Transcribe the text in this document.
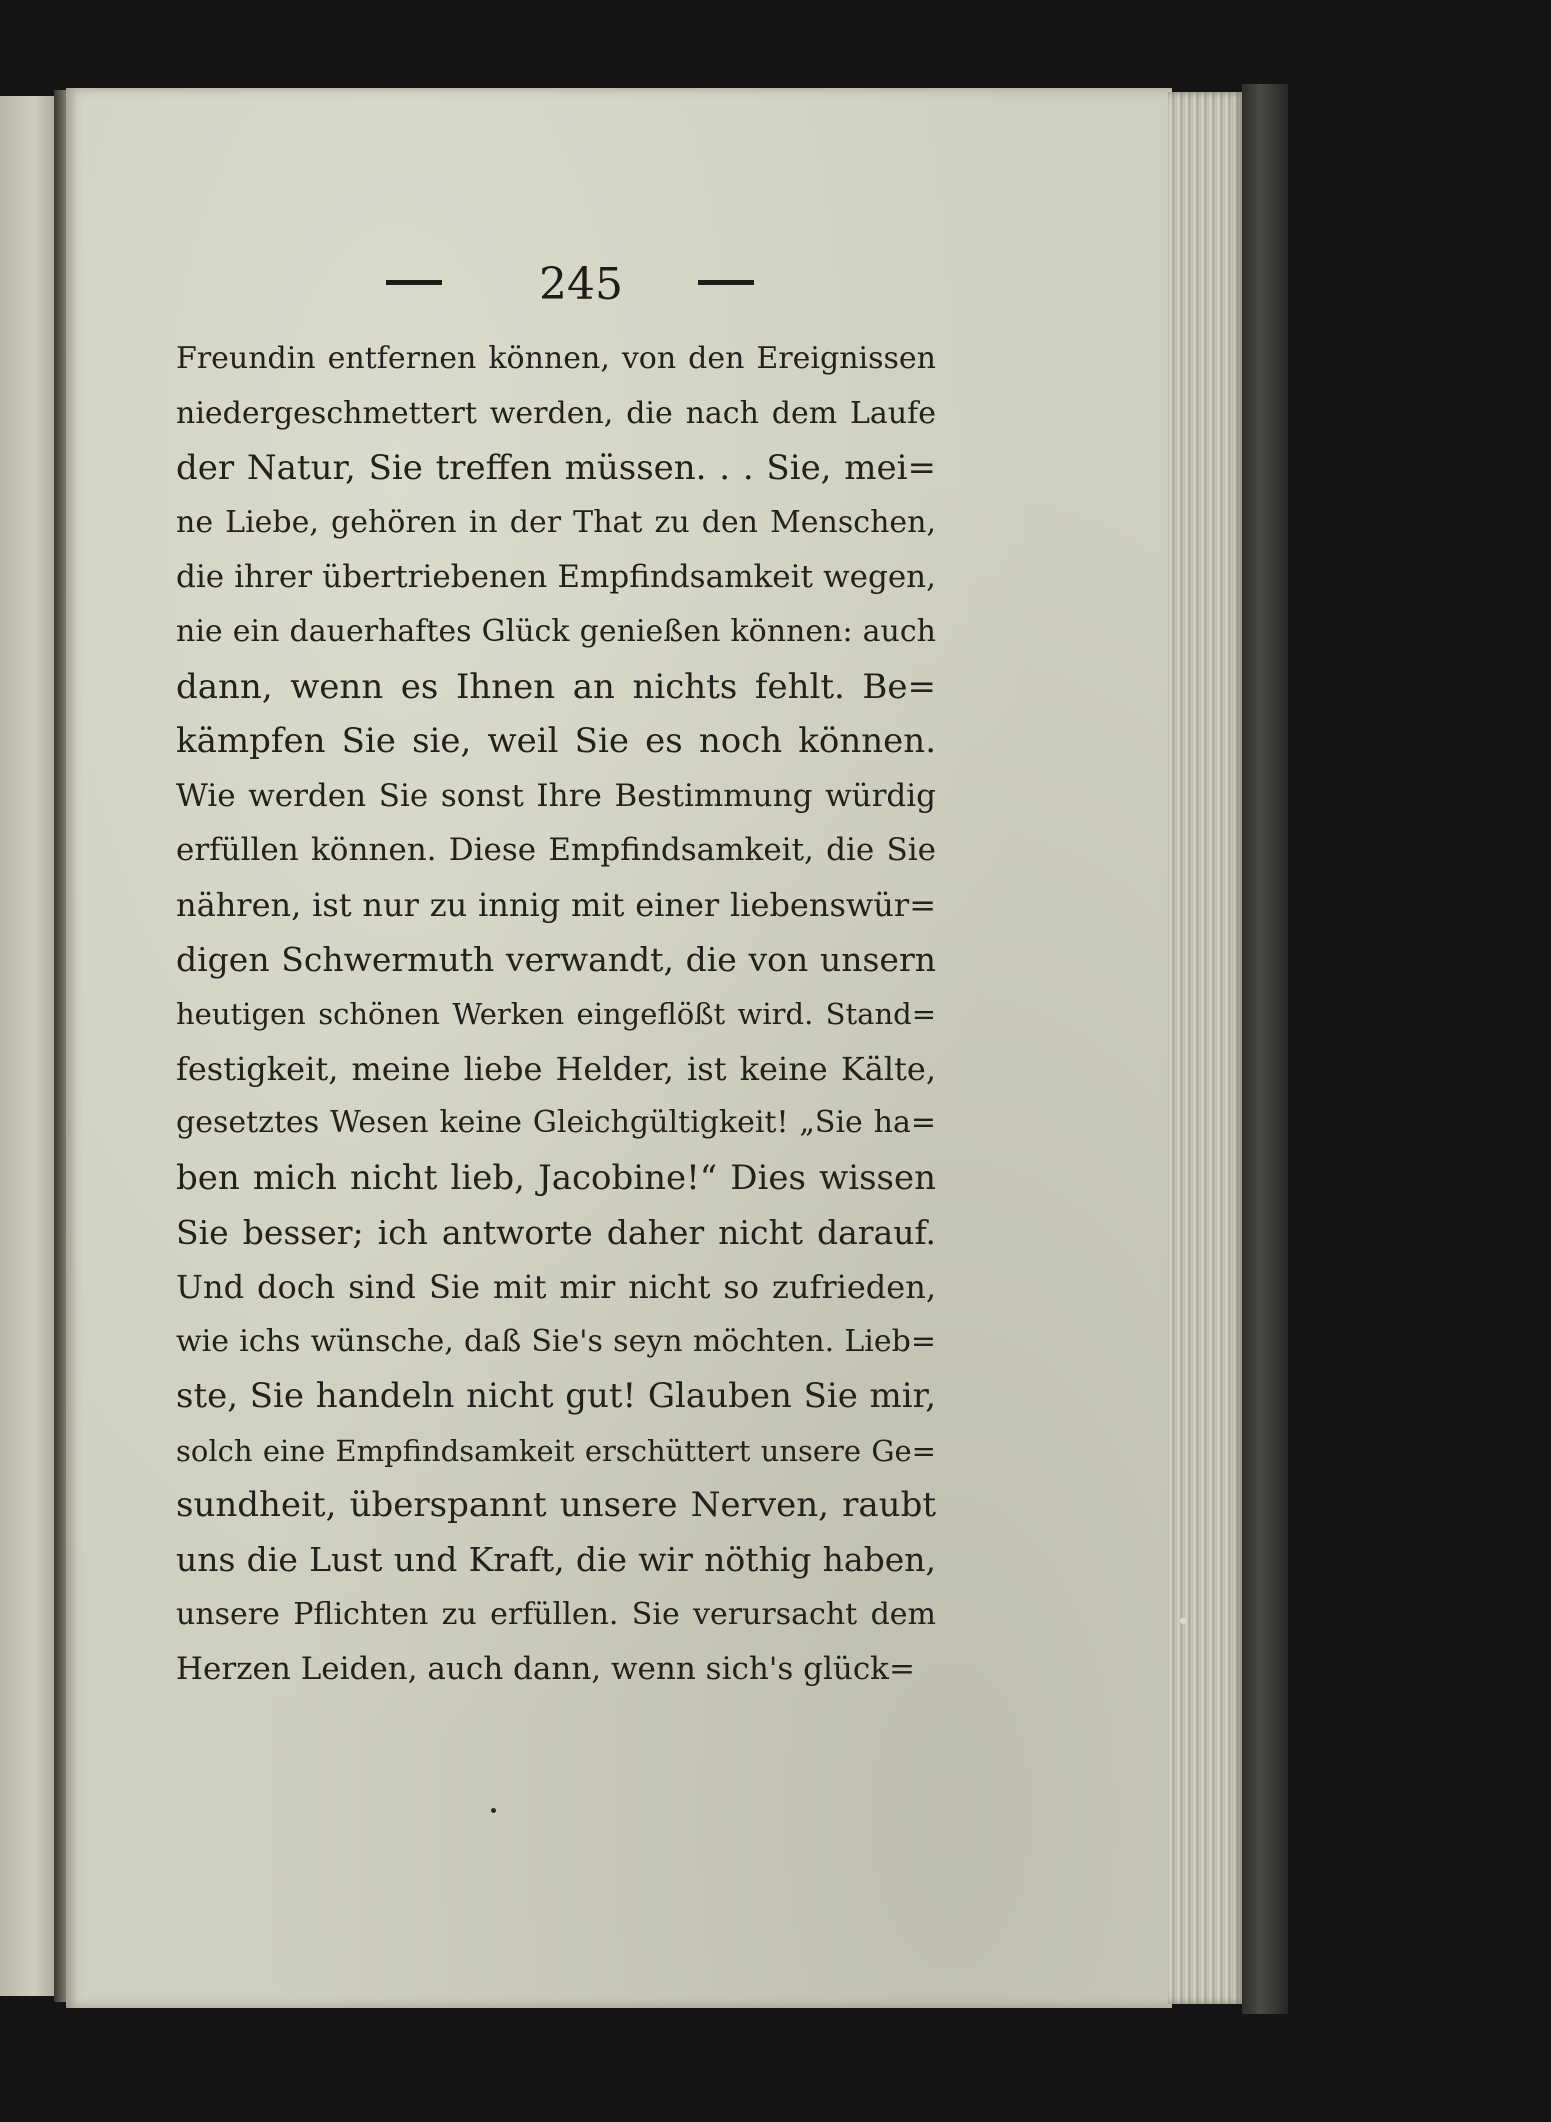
245
Freundin entfernen können, von den Ereignissen
niedergeschmettert werden, die nach dem Laufe
der Natur, Sie treffen müssen. . . Sie, mei=
ne Liebe, gehören in der That zu den Menschen,
die ihrer übertriebenen Empfindsamkeit wegen,
nie ein dauerhaftes Glück genießen können: auch
dann, wenn es Ihnen an nichts fehlt. Be=
kämpfen Sie sie, weil Sie es noch können.
Wie werden Sie sonst Ihre Bestimmung würdig
erfüllen können. Diese Empfindsamkeit, die Sie
nähren, ist nur zu innig mit einer liebenswür=
digen Schwermuth verwandt, die von unsern
heutigen schönen Werken eingeflößt wird. Stand=
festigkeit, meine liebe Helder, ist keine Kälte,
gesetztes Wesen keine Gleichgültigkeit! „Sie ha=
ben mich nicht lieb, Jacobine!“ Dies wissen
Sie besser; ich antworte daher nicht darauf.
Und doch sind Sie mit mir nicht so zufrieden,
wie ichs wünsche, daß Sie's seyn möchten. Lieb=
ste, Sie handeln nicht gut! Glauben Sie mir,
solch eine Empfindsamkeit erschüttert unsere Ge=
sundheit, überspannt unsere Nerven, raubt
uns die Lust und Kraft, die wir nöthig haben,
unsere Pflichten zu erfüllen. Sie verursacht dem
Herzen Leiden, auch dann, wenn sich's glück=
